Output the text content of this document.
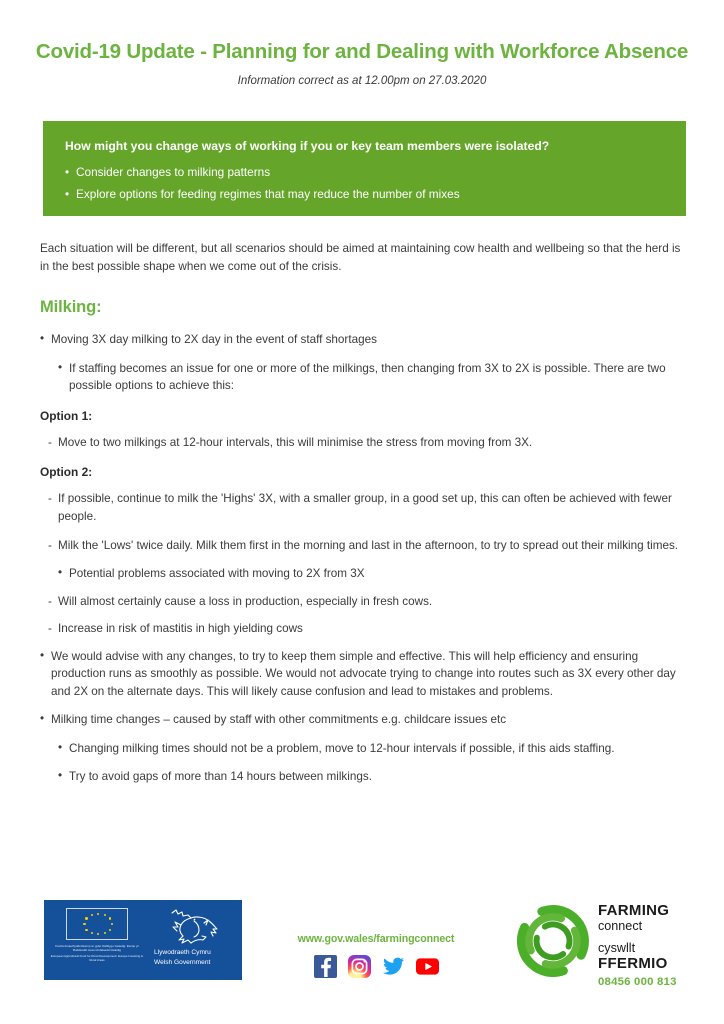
Covid-19 Update - Planning for and Dealing with Workforce Absence
Information correct as at 12.00pm on 27.03.2020
How might you change ways of working if you or key team members were isolated?
• Consider changes to milking patterns
• Explore options for feeding regimes that may reduce the number of mixes

Each situation will be different, but all scenarios should be aimed at maintaining cow health and wellbeing so that the herd is in the best possible shape when we come out of the crisis.

Milking:
• Moving 3X day milking to 2X day in the event of staff shortages
• If staffing becomes an issue for one or more of the milkings, then changing from 3X to 2X is possible. There are two possible options to achieve this:
Option 1:
- Move to two milkings at 12-hour intervals, this will minimise the stress from moving from 3X.
Option 2:
- If possible, continue to milk the 'Highs' 3X, with a smaller group, in a good set up, this can often be achieved with fewer people.
- Milk the 'Lows' twice daily. Milk them first in the morning and last in the afternoon, to try to spread out their milking times.
• Potential problems associated with moving to 2X from 3X
- Will almost certainly cause a loss in production, especially in fresh cows.
- Increase in risk of mastitis in high yielding cows
• We would advise with any changes, to try to keep them simple and effective. This will help efficiency and ensuring production runs as smoothly as possible. We would not advocate trying to change into routes such as 3X every other day and 2X on the alternate days. This will likely cause confusion and lead to mistakes and problems.
• Milking time changes – caused by staff with other commitments e.g. childcare issues etc
• Changing milking times should not be a problem, move to 12-hour intervals if possible, if this aids staffing.
• Try to avoid gaps of more than 14 hours between milkings.
Cronfa Amaethyddol Ewrop ar gyfer Datblygu Gwledig: Ewrop yn Buddsoddi mewn Ardaloedd Gwledig
European Agricultural Fund for Rural Development: Europe Investing in Rural Areas
Llywodraeth Cymru
Welsh Government
www.gov.wales/farmingconnect
FARMING
connect
cyswllt
FFERMIO
08456 000 813
